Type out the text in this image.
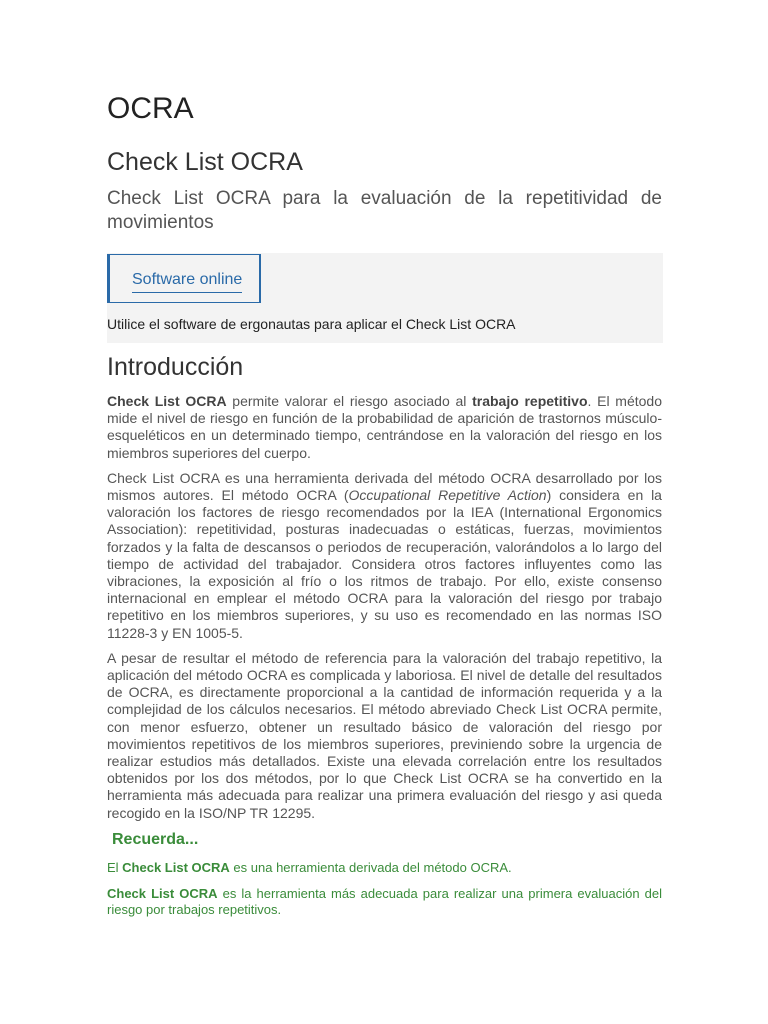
OCRA
Check List OCRA

Check List OCRA para la evaluación de la repetitividad de movimientos

Software online
Utilice el software de ergonautas para aplicar el Check List OCRA
Introducción

Check List OCRA permite valorar el riesgo asociado al trabajo repetitivo. El método mide el nivel de riesgo en función de la probabilidad de aparición de trastornos músculo-esqueléticos en un determinado tiempo, centrándose en la valoración del riesgo en los miembros superiores del cuerpo.

Check List OCRA es una herramienta derivada del método OCRA desarrollado por los mismos autores. El método OCRA (Occupational Repetitive Action) considera en la valoración los factores de riesgo recomendados por la IEA (International Ergonomics Association): repetitividad, posturas inadecuadas o estáticas, fuerzas, movimientos forzados y la falta de descansos o periodos de recuperación, valorándolos a lo largo del tiempo de actividad del trabajador. Considera otros factores influyentes como las vibraciones, la exposición al frío o los ritmos de trabajo. Por ello, existe consenso internacional en emplear el método OCRA para la valoración del riesgo por trabajo repetitivo en los miembros superiores, y su uso es recomendado en las normas ISO 11228-3 y EN 1005-5.

A pesar de resultar el método de referencia para la valoración del trabajo repetitivo, la aplicación del método OCRA es complicada y laboriosa. El nivel de detalle del resultados de OCRA, es directamente proporcional a la cantidad de información requerida y a la complejidad de los cálculos necesarios. El método abreviado Check List OCRA permite, con menor esfuerzo, obtener un resultado básico de valoración del riesgo por movimientos repetitivos de los miembros superiores, previniendo sobre la urgencia de realizar estudios más detallados. Existe una elevada correlación entre los resultados obtenidos por los dos métodos, por lo que Check List OCRA se ha convertido en la herramienta más adecuada para realizar una primera evaluación del riesgo y asi queda recogido en la ISO/NP TR 12295.

Recuerda...

El Check List OCRA es una herramienta derivada del método OCRA.

Check List OCRA es la herramienta más adecuada para realizar una primera evaluación del riesgo por trabajos repetitivos.
